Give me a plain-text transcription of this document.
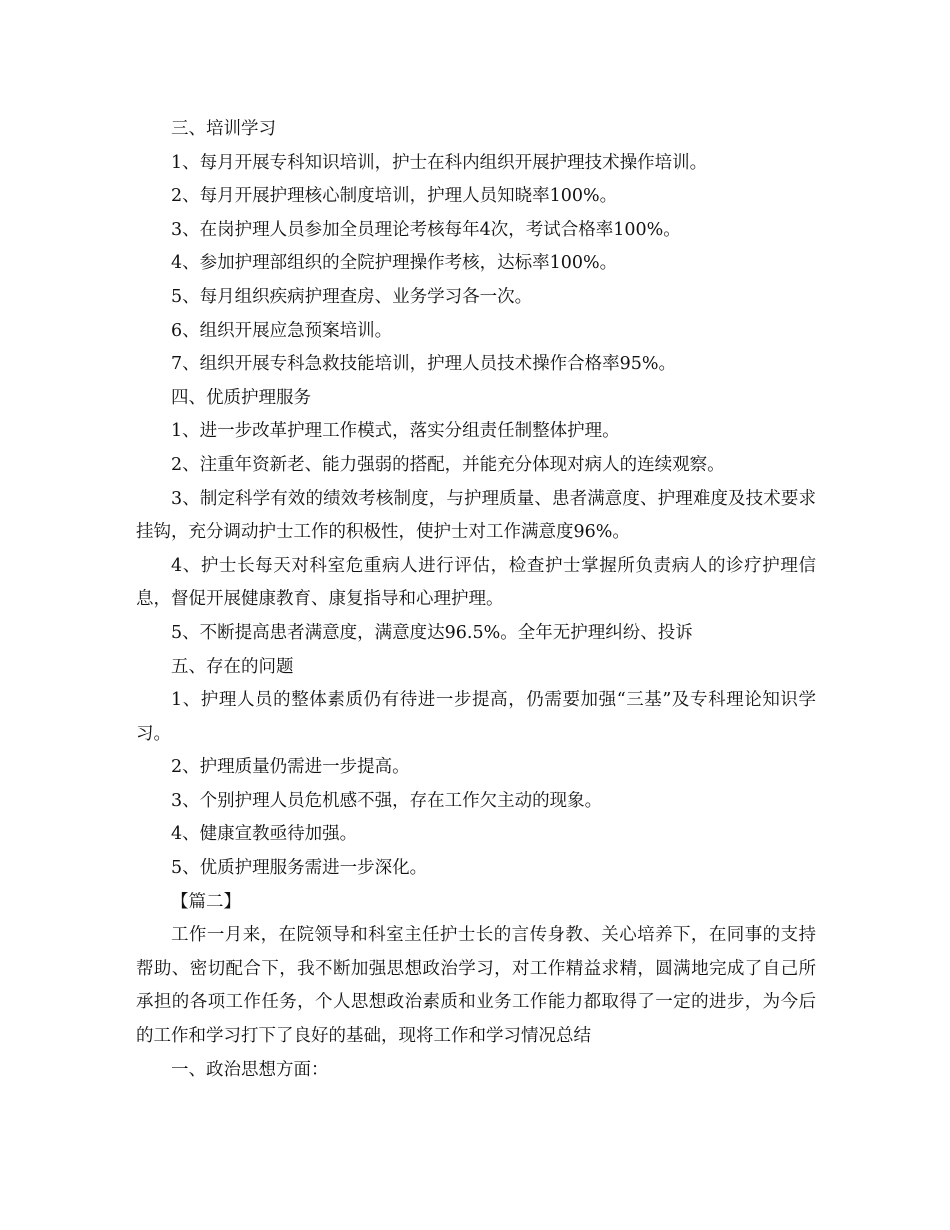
三、培训学习

1、每月开展专科知识培训，护士在科内组织开展护理技术操作培训。

2、每月开展护理核心制度培训，护理人员知晓率100%。

3、在岗护理人员参加全员理论考核每年4次，考试合格率100%。

4、参加护理部组织的全院护理操作考核，达标率100%。

5、每月组织疾病护理查房、业务学习各一次。

6、组织开展应急预案培训。

7、组织开展专科急救技能培训，护理人员技术操作合格率95%。

四、优质护理服务

1、进一步改革护理工作模式，落实分组责任制整体护理。

2、注重年资新老、能力强弱的搭配，并能充分体现对病人的连续观察。

3、制定科学有效的绩效考核制度，与护理质量、患者满意度、护理难度及技术要求挂钩，充分调动护士工作的积极性，使护士对工作满意度96%。

4、护士长每天对科室危重病人进行评估，检查护士掌握所负责病人的诊疗护理信息，督促开展健康教育、康复指导和心理护理。

5、不断提高患者满意度，满意度达96.5%。全年无护理纠纷、投诉

五、存在的问题

1、护理人员的整体素质仍有待进一步提高，仍需要加强“三基”及专科理论知识学习。

2、护理质量仍需进一步提高。

3、个别护理人员危机感不强，存在工作欠主动的现象。

4、健康宣教亟待加强。

5、优质护理服务需进一步深化。

【篇二】

工作一月来，在院领导和科室主任护士长的言传身教、关心培养下，在同事的支持帮助、密切配合下，我不断加强思想政治学习，对工作精益求精，圆满地完成了自己所承担的各项工作任务，个人思想政治素质和业务工作能力都取得了一定的进步，为今后的工作和学习打下了良好的基础，现将工作和学习情况总结

一、政治思想方面：
